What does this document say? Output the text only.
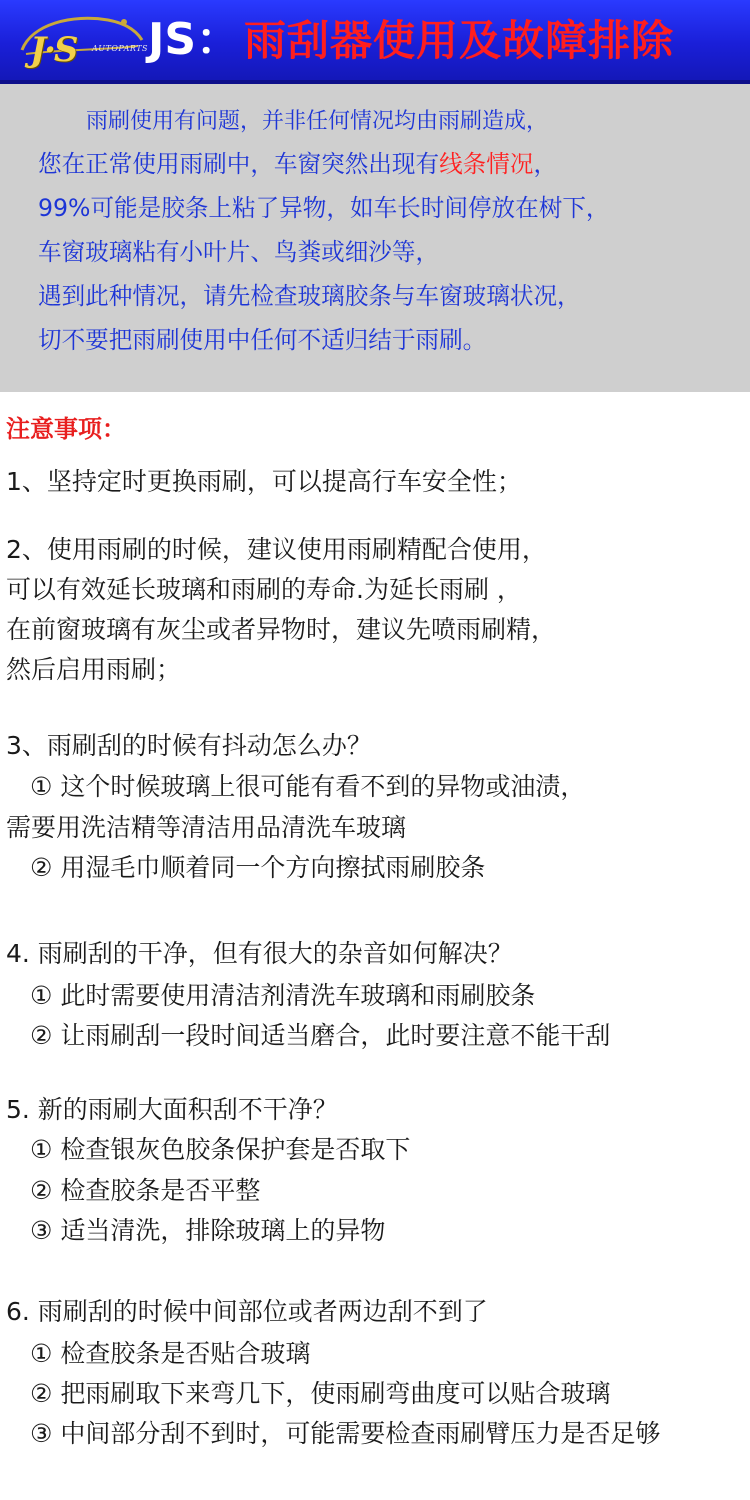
J·S AUTOPARTS JS： 雨刮器使用及故障排除
雨刷使用有问题，并非任何情况均由雨刷造成，
您在正常使用雨刷中，车窗突然出现有线条情况，
99%可能是胶条上粘了异物，如车长时间停放在树下，
车窗玻璃粘有小叶片、鸟粪或细沙等，
遇到此种情况，请先检查玻璃胶条与车窗玻璃状况，
切不要把雨刷使用中任何不适归结于雨刷。
注意事项：
1、坚持定时更换雨刷，可以提高行车安全性；
2、使用雨刷的时候，建议使用雨刷精配合使用，
可以有效延长玻璃和雨刷的寿命.为延长雨刷 ，
在前窗玻璃有灰尘或者异物时，建议先喷雨刷精，
然后启用雨刷；
3、雨刷刮的时候有抖动怎么办？
① 这个时候玻璃上很可能有看不到的异物或油渍，
需要用洗洁精等清洁用品清洗车玻璃
② 用湿毛巾顺着同一个方向擦拭雨刷胶条
4. 雨刷刮的干净，但有很大的杂音如何解决？
① 此时需要使用清洁剂清洗车玻璃和雨刷胶条
② 让雨刷刮一段时间适当磨合，此时要注意不能干刮
5. 新的雨刷大面积刮不干净？
① 检查银灰色胶条保护套是否取下
② 检查胶条是否平整
③ 适当清洗，排除玻璃上的异物
6. 雨刷刮的时候中间部位或者两边刮不到了
① 检查胶条是否贴合玻璃
② 把雨刷取下来弯几下，使雨刷弯曲度可以贴合玻璃
③ 中间部分刮不到时，可能需要检查雨刷臂压力是否足够
